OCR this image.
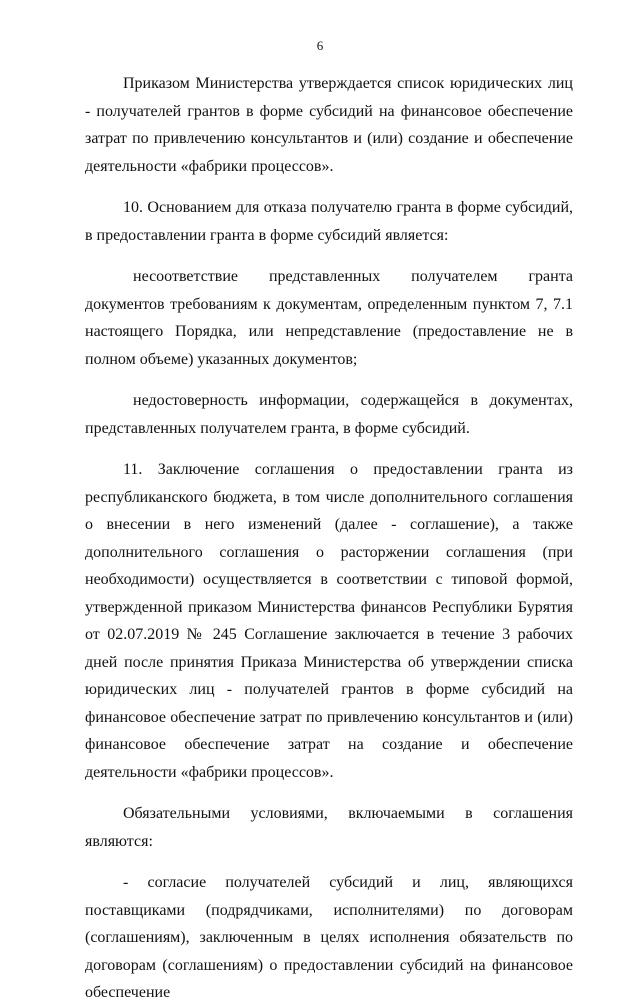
6

Приказом Министерства утверждается список юридических лиц - получателей грантов в форме субсидий на финансовое обеспечение затрат по привлечению консультантов и (или) создание и обеспечение деятельности «фабрики процессов».

10. Основанием для отказа получателю гранта в форме субсидий, в предоставлении гранта в форме субсидий является:

несоответствие представленных получателем гранта документов требованиям к документам, определенным пунктом 7, 7.1 настоящего Порядка, или непредставление (предоставление не в полном объеме) указанных документов;

недостоверность информации, содержащейся в документах, представленных получателем гранта, в форме субсидий.

11. Заключение соглашения о предоставлении гранта из республиканского бюджета, в том числе дополнительного соглашения о внесении в него изменений (далее - соглашение), а также дополнительного соглашения о расторжении соглашения (при необходимости) осуществляется в соответствии с типовой формой, утвержденной приказом Министерства финансов Республики Бурятия от 02.07.2019 № 245 Соглашение заключается в течение 3 рабочих дней после принятия Приказа Министерства об утверждении списка юридических лиц - получателей грантов в форме субсидий на финансовое обеспечение затрат по привлечению консультантов и (или) финансовое обеспечение затрат на создание и обеспечение деятельности «фабрики процессов».

Обязательными условиями, включаемыми в соглашения являются:

- согласие получателей субсидий и лиц, являющихся поставщиками (подрядчиками, исполнителями) по договорам (соглашениям), заключенным в целях исполнения обязательств по договорам (соглашениям) о предоставлении субсидий на финансовое обеспечение
